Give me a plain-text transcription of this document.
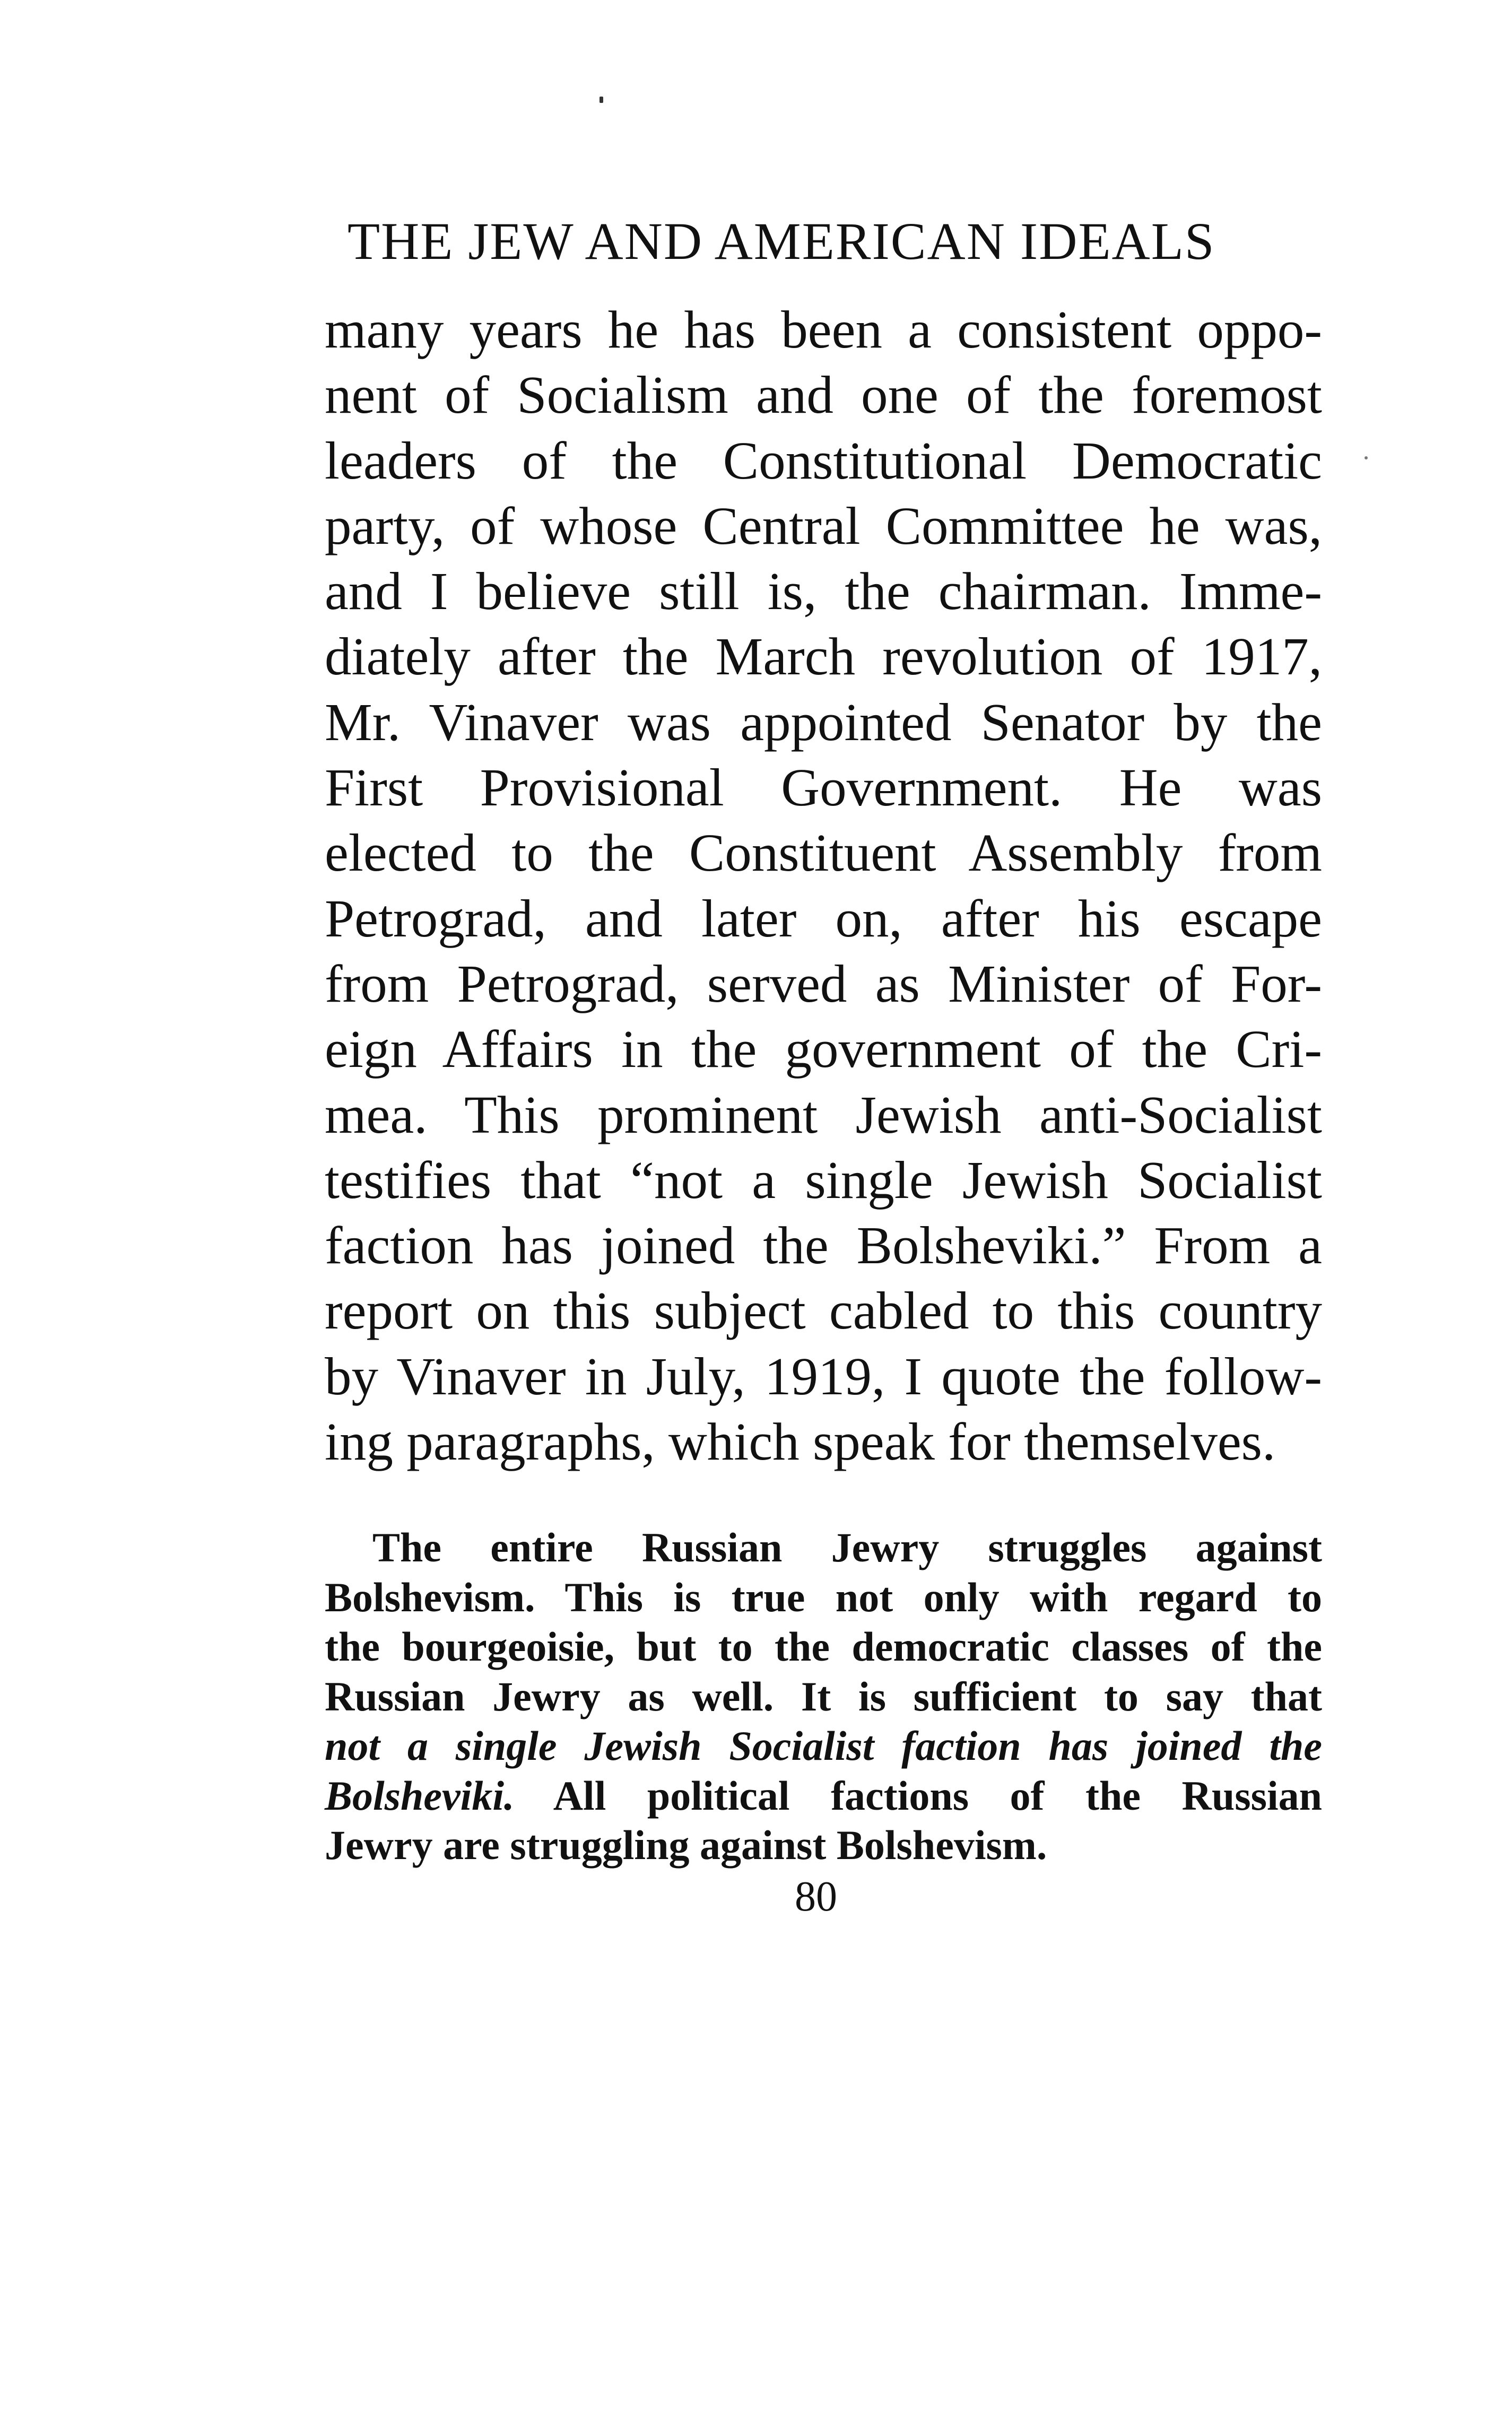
THE JEW AND AMERICAN IDEALS
many years he has been a consistent oppo-
nent of Socialism and one of the foremost
leaders of the Constitutional Democratic
party, of whose Central Committee he was,
and I believe still is, the chairman. Imme-
diately after the March revolution of 1917,
Mr. Vinaver was appointed Senator by the
First Provisional Government. He was
elected to the Constituent Assembly from
Petrograd, and later on, after his escape
from Petrograd, served as Minister of For-
eign Affairs in the government of the Cri-
mea. This prominent Jewish anti-Socialist
testifies that “not a single Jewish Socialist
faction has joined the Bolsheviki.” From a
report on this subject cabled to this country
by Vinaver in July, 1919, I quote the follow-
ing paragraphs, which speak for themselves.
The entire Russian Jewry struggles against
Bolshevism. This is true not only with regard to
the bourgeoisie, but to the democratic classes of the
Russian Jewry as well. It is sufficient to say that
not a single Jewish Socialist faction has joined the
Bolsheviki. All political factions of the Russian
Jewry are struggling against Bolshevism.
80
